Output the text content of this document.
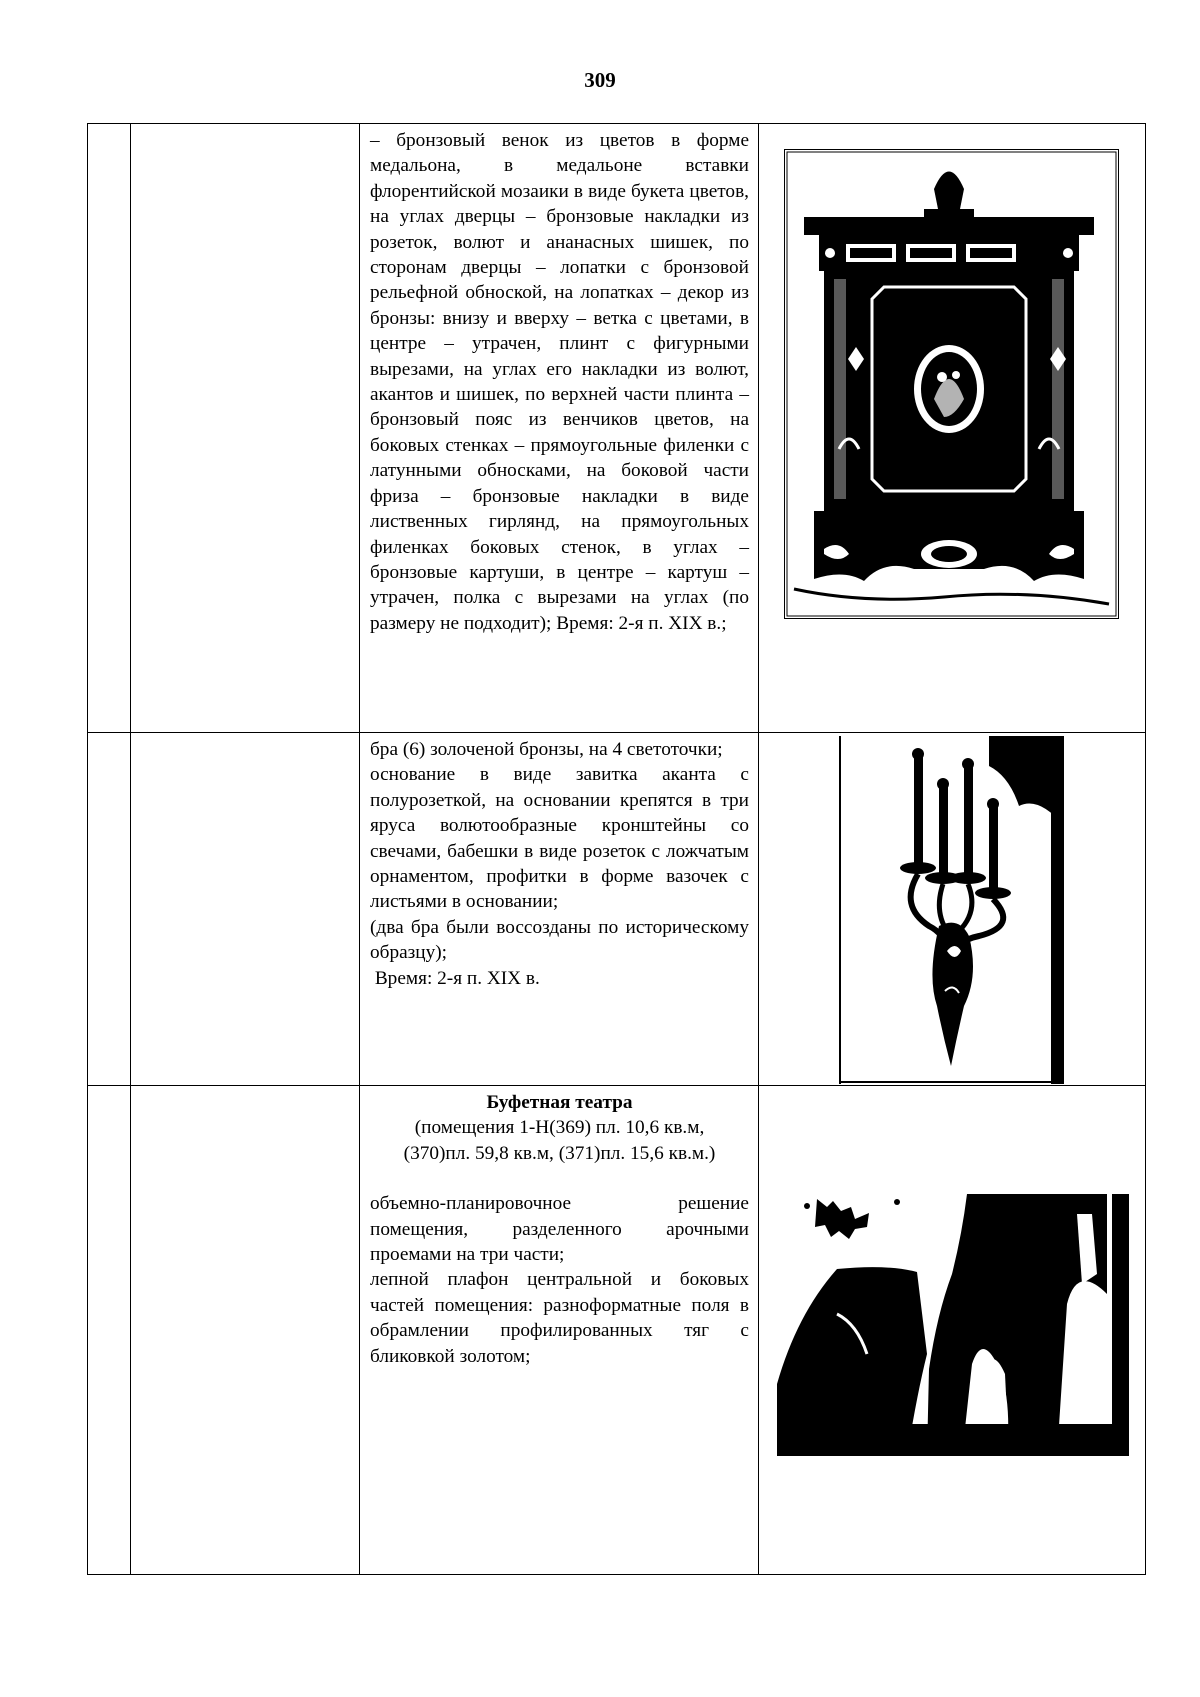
309

		– бронзовый венок из цветов в форме медальона, в медальоне вставки флорентийской мозаики в виде букета цветов, на углах дверцы – бронзовые накладки из розеток, волют и ананасных шишек, по сторонам дверцы – лопатки с бронзовой рельефной обноской, на лопатках – декор из бронзы: внизу и вверху – ветка с цветами, в центре – утрачен, плинт с фигурными вырезами, на углах его накладки из волют, акантов и шишек, по верхней части плинта – бронзовый пояс из венчиков цветов, на боковых стенках – прямоугольные филенки с латунными обносками, на боковой части фриза – бронзовые накладки в виде лиственных гирлянд, на прямоугольных филенках боковых стенок, в углах – бронзовые картуши, в центре – картуш – утрачен, полка с вырезами на углах (по размеру не подходит); Время: 2-я п. XIX в.;

		бра (6) золоченой бронзы, на 4 светоточки;

основание в виде завитка аканта с полурозеткой, на основании крепятся в три яруса волютообразные кронштейны со свечами, бабешки в виде розеток с ложчатым орнаментом, профитки в форме вазочек с листьями в основании;

(два бра были воссозданы по историческому образцу);

Время: 2-я п. XIX в.

		Буфетная театра

(помещения 1-Н(369) пл. 10,6 кв.м,

(370)пл. 59,8 кв.м, (371)пл. 15,6 кв.м.)

объемно-планировочное решение помещения, разделенного арочными проемами на три части;

лепной плафон центральной и боковых частей помещения: разноформатные поля в обрамлении профилированных тяг с бликовкой золотом;
